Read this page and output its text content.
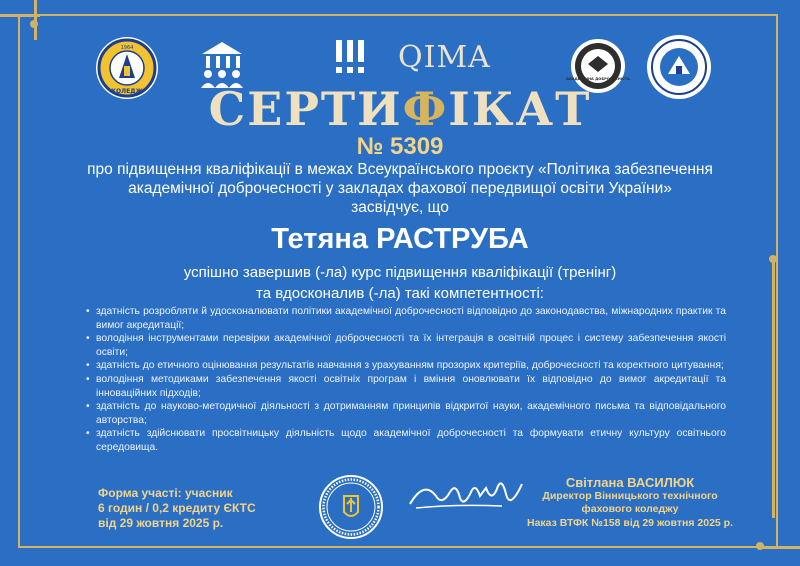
1964
КОЛЕДЖ
QIMA
АКАДЕМІЧНА ДОБРОЧЕСНІСТЬ
СЕРТИФІКАТ
№ 5309
про підвищення кваліфікації в межах Всеукраїнського проєкту «Політика забезпечення
академічної доброчесності у закладах фахової передвищої освіти України»
засвідчує, що
Тетяна РАСТРУБА
успішно завершив (-ла) курс підвищення кваліфікації (тренінг)
та вдосконалив (-ла) такі компетентності:
• здатність розробляти й удосконалювати політики академічної доброчесності відповідно до законодавства, міжнародних практик та вимог акредитації;
• володіння інструментами перевірки академічної доброчесності та їх інтеграція в освітній процес і систему забезпечення якості освіти;
• здатність до етичного оцінювання результатів навчання з урахуванням прозорих критеріїв, доброчесності та коректного цитування;
• володіння методиками забезпечення якості освітніх програм і вміння оновлювати їх відповідно до вимог акредитації та інноваційних підходів;
• здатність до науково-методичної діяльності з дотриманням принципів відкритої науки, академічного письма та відповідального авторства;
• здатність здійснювати просвітницьку діяльність щодо академічної доброчесності та формувати етичну культуру освітнього середовища.
Форма участі: учасник
6 годин / 0,2 кредиту ЄКТС
від 29 жовтня 2025 р.
Світлана ВАСИЛЮК
Директор Вінницького технічного
фахового коледжу
Наказ ВТФК №158 від 29 жовтня 2025 р.
